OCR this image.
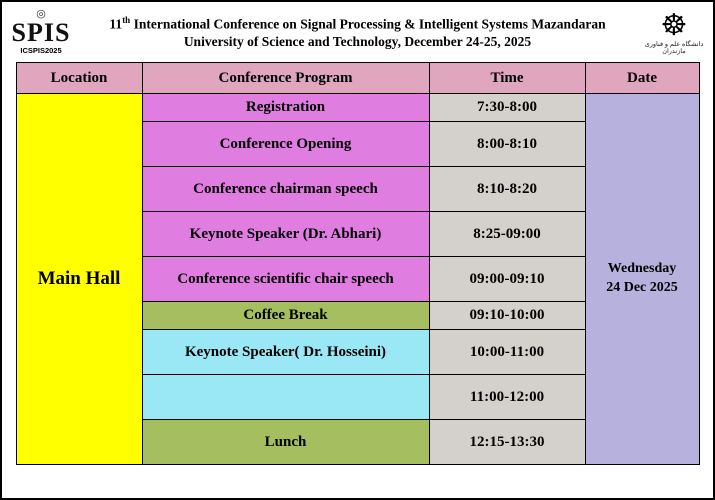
◎
SPIS
ICSPIS2025
11th International Conference on Signal Processing & Intelligent Systems Mazandaran
University of Science and Technology, December 24-25, 2025	☸
دانشگاه علم و فناوری مازندران
Location	Conference Program	Time	Date
Main Hall	Registration	7:30-8:00	Wednesday
24 Dec 2025

	Conference Opening	8:00-8:10	
	Conference chairman speech	8:10-8:20	
	Keynote Speaker (Dr. Abhari)	8:25-09:00	
	Conference scientific chair speech	09:00-09:10	
	Coffee Break	09:10-10:00	
	Keynote Speaker( Dr. Hosseini)	10:00-11:00	
		11:00-12:00	
	Lunch	12:15-13:30	
